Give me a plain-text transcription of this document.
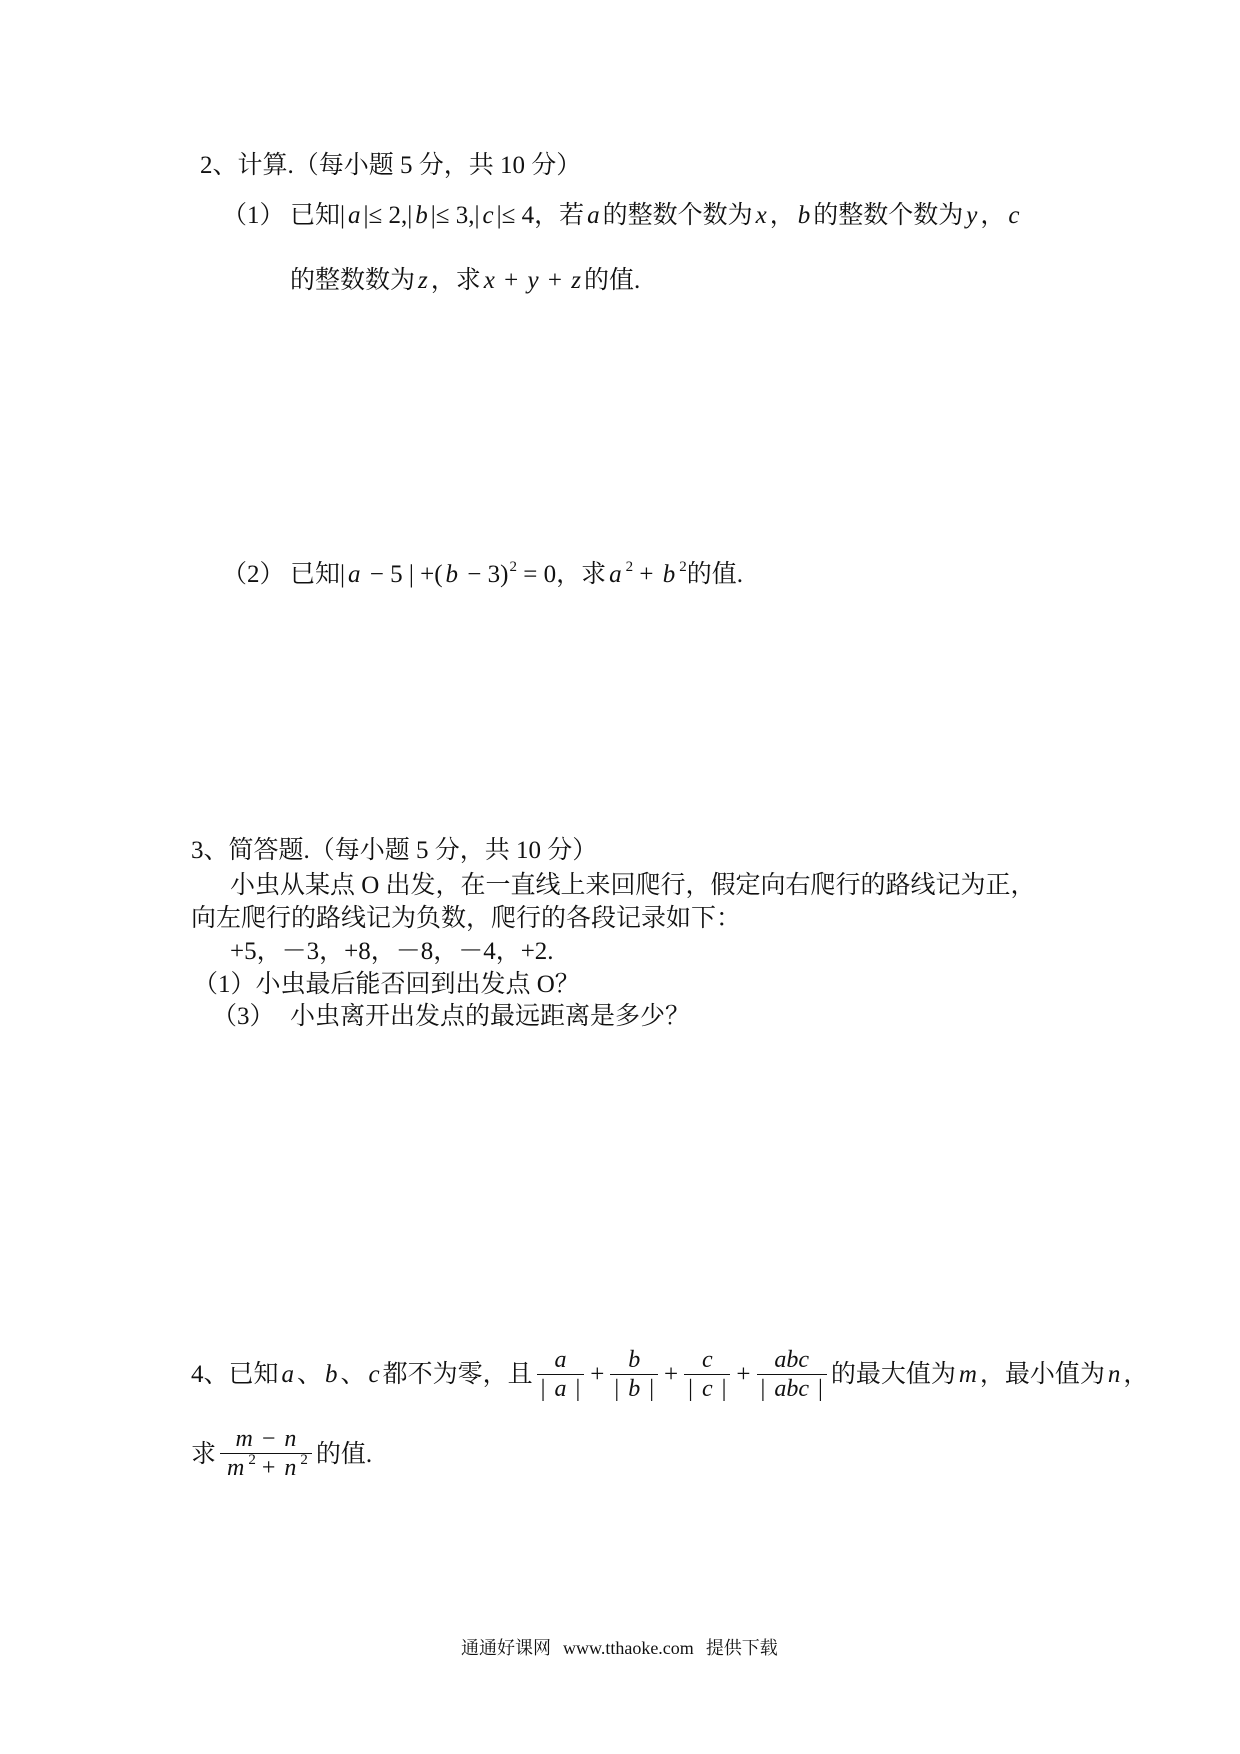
2、计算.（每小题 5 分，共 10 分）
（1） 已知| a |≤ 2,| b |≤ 3,| c |≤ 4，若 a 的整数个数为 x ， b 的整数个数为 y ， c
的整数数为 z ，求 x + y + z 的值.
（2） 已知| a − 5 | +( b − 3) 2 = 0，求 a 2 + b 2 的值.
3、简答题.（每小题 5 分，共 10 分）
小虫从某点 O 出发，在一直线上来回爬行，假定向右爬行的路线记为正，
向左爬行的路线记为负数，爬行的各段记录如下：
+5，－3，+8，－8，－4，+2.
（1）小虫最后能否回到出发点 O？
（3） 小虫离开出发点的最远距离是多少？
4、已知 a 、 b 、 c 都不为零，且 $\frac{a}{| a |} + \frac{b}{| b |} + \frac{c}{| c |} + \frac{\text{abc}}{\text{| abc |}}$ 的最大值为 m ，最小值为 n ，
求 $\frac{m - n}{m 2 + n 2}$ 的值.
通通好课网 www.tthaoke.com 提供下载
